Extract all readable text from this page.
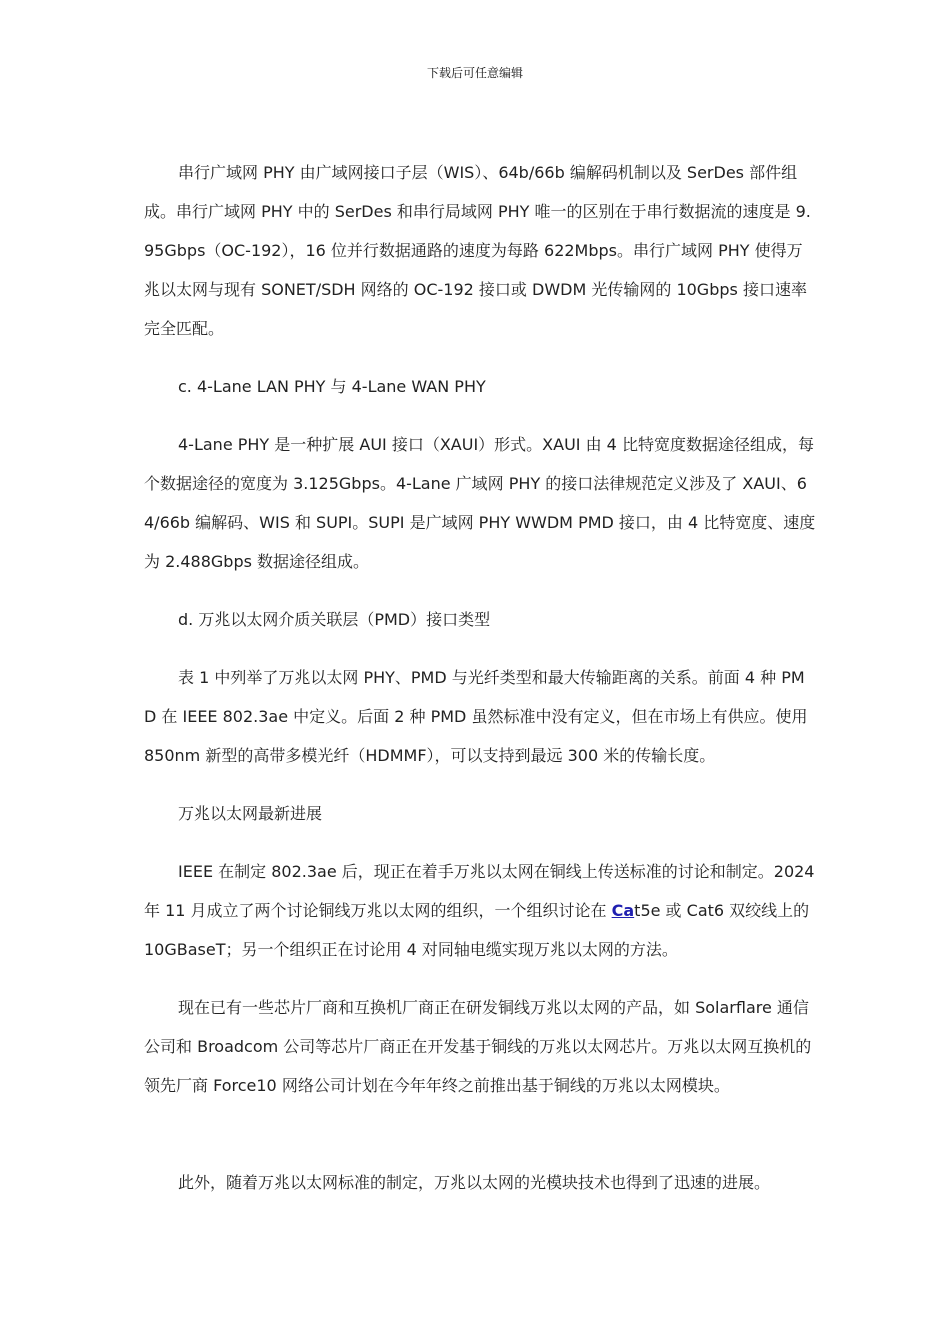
下载后可任意编辑

串行广域网 PHY 由广域网接口子层（WIS）、64b/66b 编解码机制以及 SerDes 部件组成。串行广域网 PHY 中的 SerDes 和串行局域网 PHY 唯一的区别在于串行数据流的速度是 9.95Gbps（OC-192），16 位并行数据通路的速度为每路 622Mbps。串行广域网 PHY 使得万兆以太网与现有 SONET/SDH 网络的 OC-192 接口或 DWDM 光传输网的 10Gbps 接口速率完全匹配。

c. 4-Lane LAN PHY 与 4-Lane WAN PHY

4-Lane PHY 是一种扩展 AUI 接口（XAUI）形式。XAUI 由 4 比特宽度数据途径组成，每个数据途径的宽度为 3.125Gbps。4-Lane 广域网 PHY 的接口法律规范定义涉及了 XAUI、64/66b 编解码、WIS 和 SUPI。SUPI 是广域网 PHY WWDM PMD 接口，由 4 比特宽度、速度为 2.488Gbps 数据途径组成。

d. 万兆以太网介质关联层（PMD）接口类型

表 1 中列举了万兆以太网 PHY、PMD 与光纤类型和最大传输距离的关系。前面 4 种 PMD 在 IEEE 802.3ae 中定义。后面 2 种 PMD 虽然标准中没有定义，但在市场上有供应。使用 850nm 新型的高带多模光纤（HDMMF），可以支持到最远 300 米的传输长度。

万兆以太网最新进展

IEEE 在制定 802.3ae 后，现正在着手万兆以太网在铜线上传送标准的讨论和制定。2024 年 11 月成立了两个讨论铜线万兆以太网的组织，一个组织讨论在 Cat5e 或 Cat6 双绞线上的 10GBaseT；另一个组织正在讨论用 4 对同轴电缆实现万兆以太网的方法。

现在已有一些芯片厂商和互换机厂商正在研发铜线万兆以太网的产品，如 Solarflare 通信公司和 Broadcom 公司等芯片厂商正在开发基于铜线的万兆以太网芯片。万兆以太网互换机的领先厂商 Force10 网络公司计划在今年年终之前推出基于铜线的万兆以太网模块。

此外，随着万兆以太网标准的制定，万兆以太网的光模块技术也得到了迅速的进展。
